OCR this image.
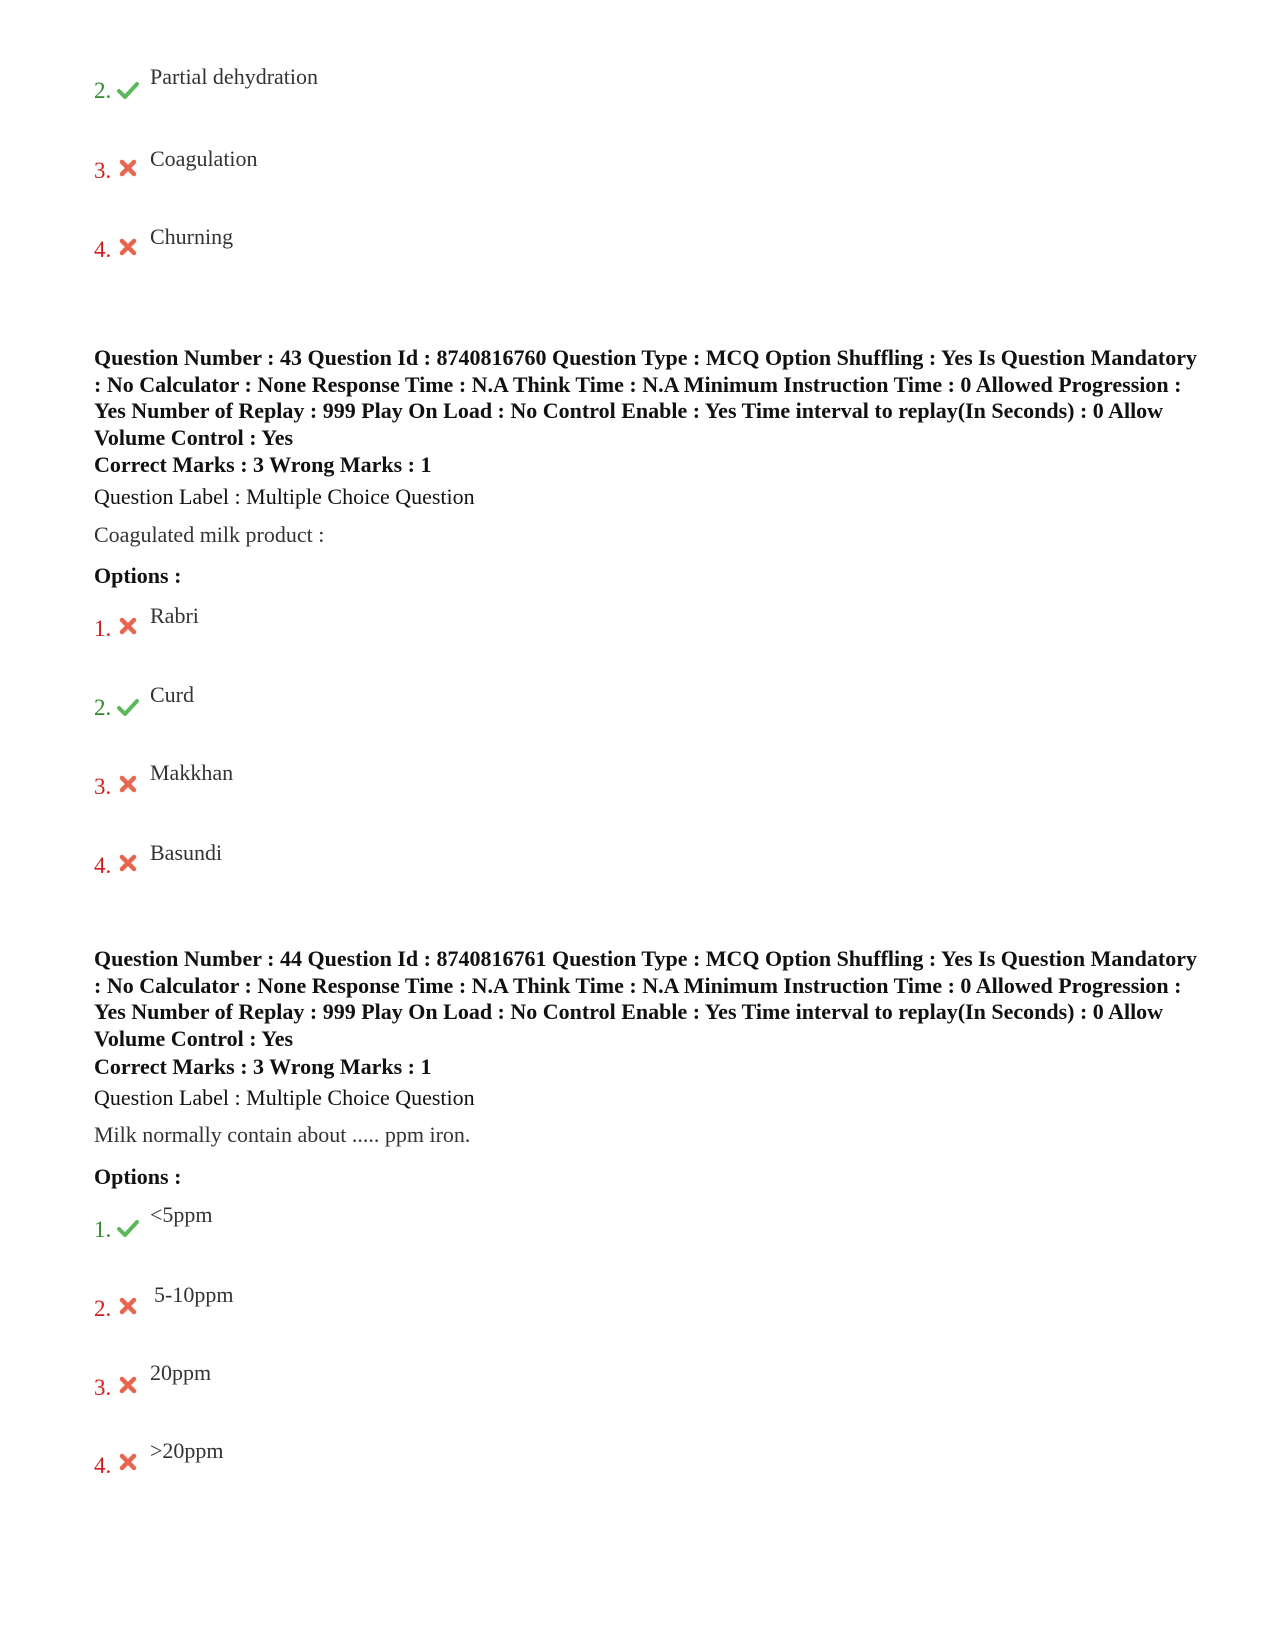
2.
Partial dehydration
3. Coagulation
4.
Churning
Question Number : 43 Question Id : 8740816760 Question Type : MCQ Option Shuffling : Yes Is Question Mandatory : No Calculator : None Response Time : N.A Think Time : N.A Minimum Instruction Time : 0 Allowed Progression : Yes Number of Replay : 999 Play On Load : No Control Enable : Yes Time interval to replay(In Seconds) : 0 Allow Volume Control : Yes
Correct Marks : 3 Wrong Marks : 1
Question Label : Multiple Choice Question
Coagulated milk product :
Options :
1.
Rabri
2.
Curd
3.
Makkhan
4.
Basundi
Question Number : 44 Question Id : 8740816761 Question Type : MCQ Option Shuffling : Yes Is Question Mandatory : No Calculator : None Response Time : N.A Think Time : N.A Minimum Instruction Time : 0 Allowed Progression : Yes Number of Replay : 999 Play On Load : No Control Enable : Yes Time interval to replay(In Seconds) : 0 Allow Volume Control : Yes
Correct Marks : 3 Wrong Marks : 1
Question Label : Multiple Choice Question
Milk normally contain about ..... ppm iron.
Options :
1.
<5ppm
2.
5-10ppm
3.
20ppm
4.
>20ppm
